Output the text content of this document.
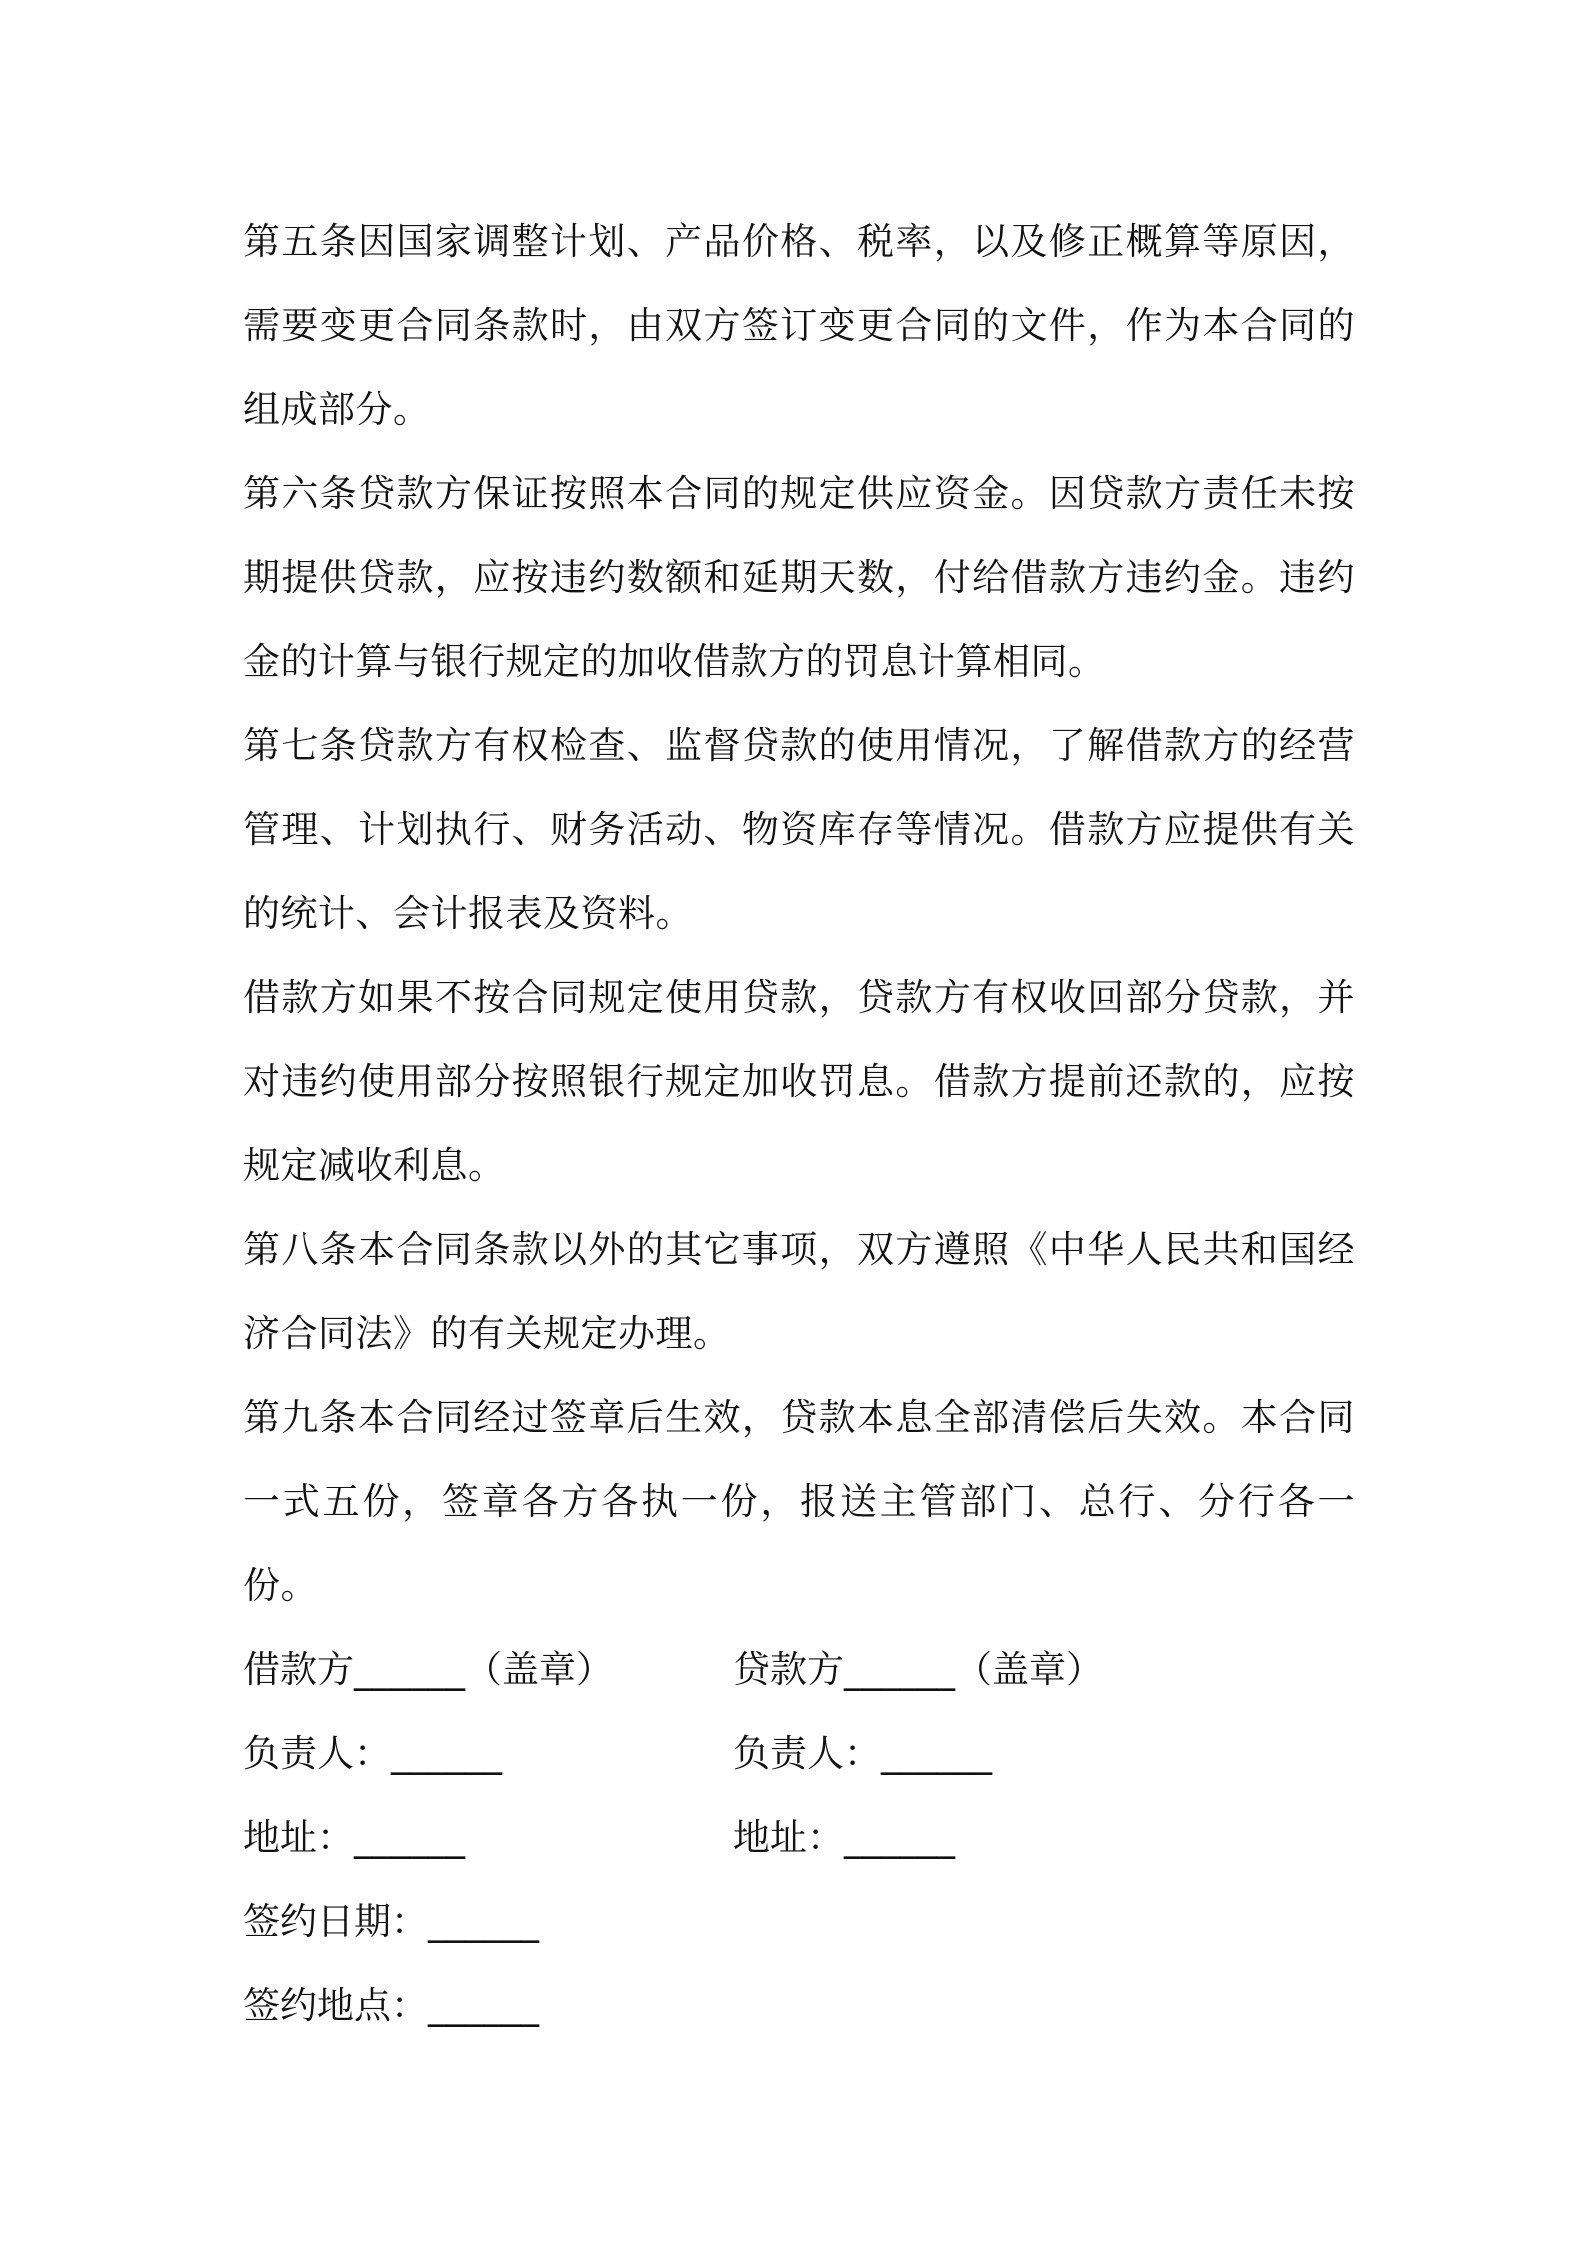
第五条因国家调整计划、产品价格、税率，以及修正概算等原因，需要变更合同条款时，由双方签订变更合同的文件，作为本合同的组成部分。

第六条贷款方保证按照本合同的规定供应资金。因贷款方责任未按期提供贷款，应按违约数额和延期天数，付给借款方违约金。违约金的计算与银行规定的加收借款方的罚息计算相同。

第七条贷款方有权检查、监督贷款的使用情况，了解借款方的经营管理、计划执行、财务活动、物资库存等情况。借款方应提供有关的统计、会计报表及资料。

借款方如果不按合同规定使用贷款，贷款方有权收回部分贷款，并对违约使用部分按照银行规定加收罚息。借款方提前还款的，应按规定减收利息。

第八条本合同条款以外的其它事项，双方遵照《中华人民共和国经济合同法》的有关规定办理。

第九条本合同经过签章后生效，贷款本息全部清偿后失效。本合同一式五份，签章各方各执一份，报送主管部门、总行、分行各一份。

借款方______（盖章）	贷款方______（盖章）
负责人：______	负责人：______
地址：______	地址：______
签约日期：______
签约地点：______
